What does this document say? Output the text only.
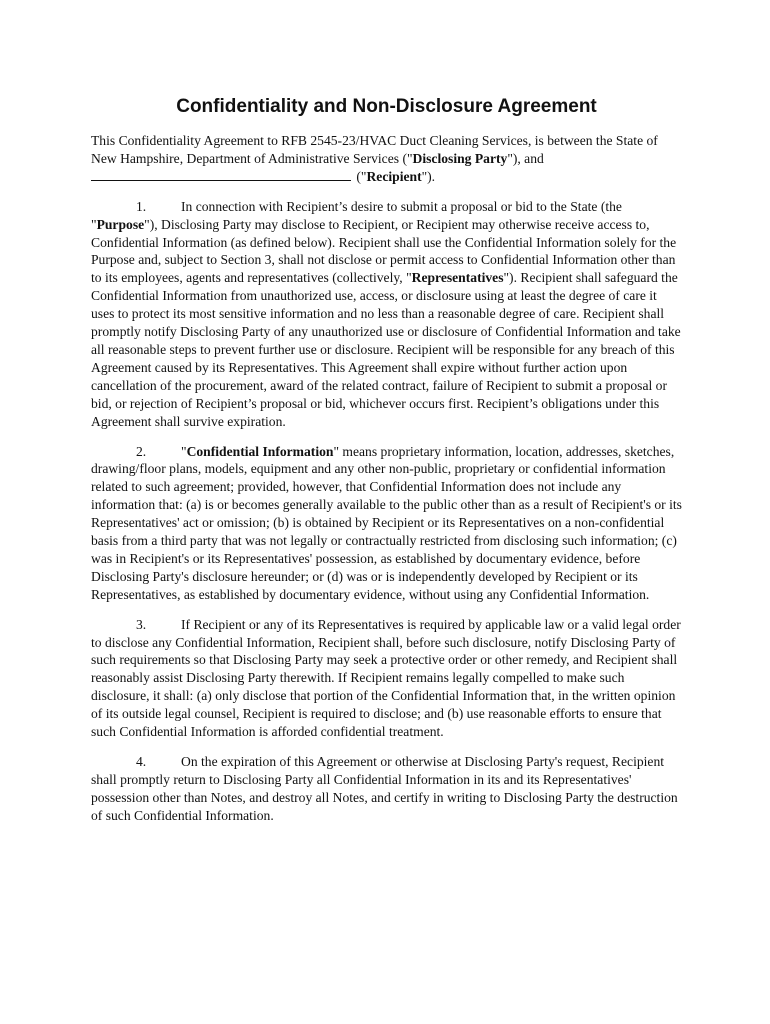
Confidentiality and Non-Disclosure Agreement

This Confidentiality Agreement to RFB 2545-23/HVAC Duct Cleaning Services, is between the State of New Hampshire, Department of Administrative Services ("Disclosing Party"), and
("Recipient").

1.	In connection with Recipient’s desire to submit a proposal or bid to the State (the "Purpose"), Disclosing Party may disclose to Recipient, or Recipient may otherwise receive access to, Confidential Information (as defined below). Recipient shall use the Confidential Information solely for the Purpose and, subject to Section 3, shall not disclose or permit access to Confidential Information other than to its employees, agents and representatives (collectively, "Representatives"). Recipient shall safeguard the Confidential Information from unauthorized use, access, or disclosure using at least the degree of care it uses to protect its most sensitive information and no less than a reasonable degree of care. Recipient shall promptly notify Disclosing Party of any unauthorized use or disclosure of Confidential Information and take all reasonable steps to prevent further use or disclosure. Recipient will be responsible for any breach of this Agreement caused by its Representatives. This Agreement shall expire without further action upon cancellation of the procurement, award of the related contract, failure of Recipient to submit a proposal or bid, or rejection of Recipient’s proposal or bid, whichever occurs first. Recipient’s obligations under this Agreement shall survive expiration.

2.	"Confidential Information" means proprietary information, location, addresses, sketches, drawing/floor plans, models, equipment and any other non-public, proprietary or confidential information related to such agreement; provided, however, that Confidential Information does not include any information that: (a) is or becomes generally available to the public other than as a result of Recipient's or its Representatives' act or omission; (b) is obtained by Recipient or its Representatives on a non-confidential basis from a third party that was not legally or contractually restricted from disclosing such information; (c) was in Recipient's or its Representatives' possession, as established by documentary evidence, before Disclosing Party's disclosure hereunder; or (d) was or is independently developed by Recipient or its Representatives, as established by documentary evidence, without using any Confidential Information.

3.	If Recipient or any of its Representatives is required by applicable law or a valid legal order to disclose any Confidential Information, Recipient shall, before such disclosure, notify Disclosing Party of such requirements so that Disclosing Party may seek a protective order or other remedy, and Recipient shall reasonably assist Disclosing Party therewith. If Recipient remains legally compelled to make such disclosure, it shall: (a) only disclose that portion of the Confidential Information that, in the written opinion of its outside legal counsel, Recipient is required to disclose; and (b) use reasonable efforts to ensure that such Confidential Information is afforded confidential treatment.

4.	On the expiration of this Agreement or otherwise at Disclosing Party's request, Recipient shall promptly return to Disclosing Party all Confidential Information in its and its Representatives' possession other than Notes, and destroy all Notes, and certify in writing to Disclosing Party the destruction of such Confidential Information.
